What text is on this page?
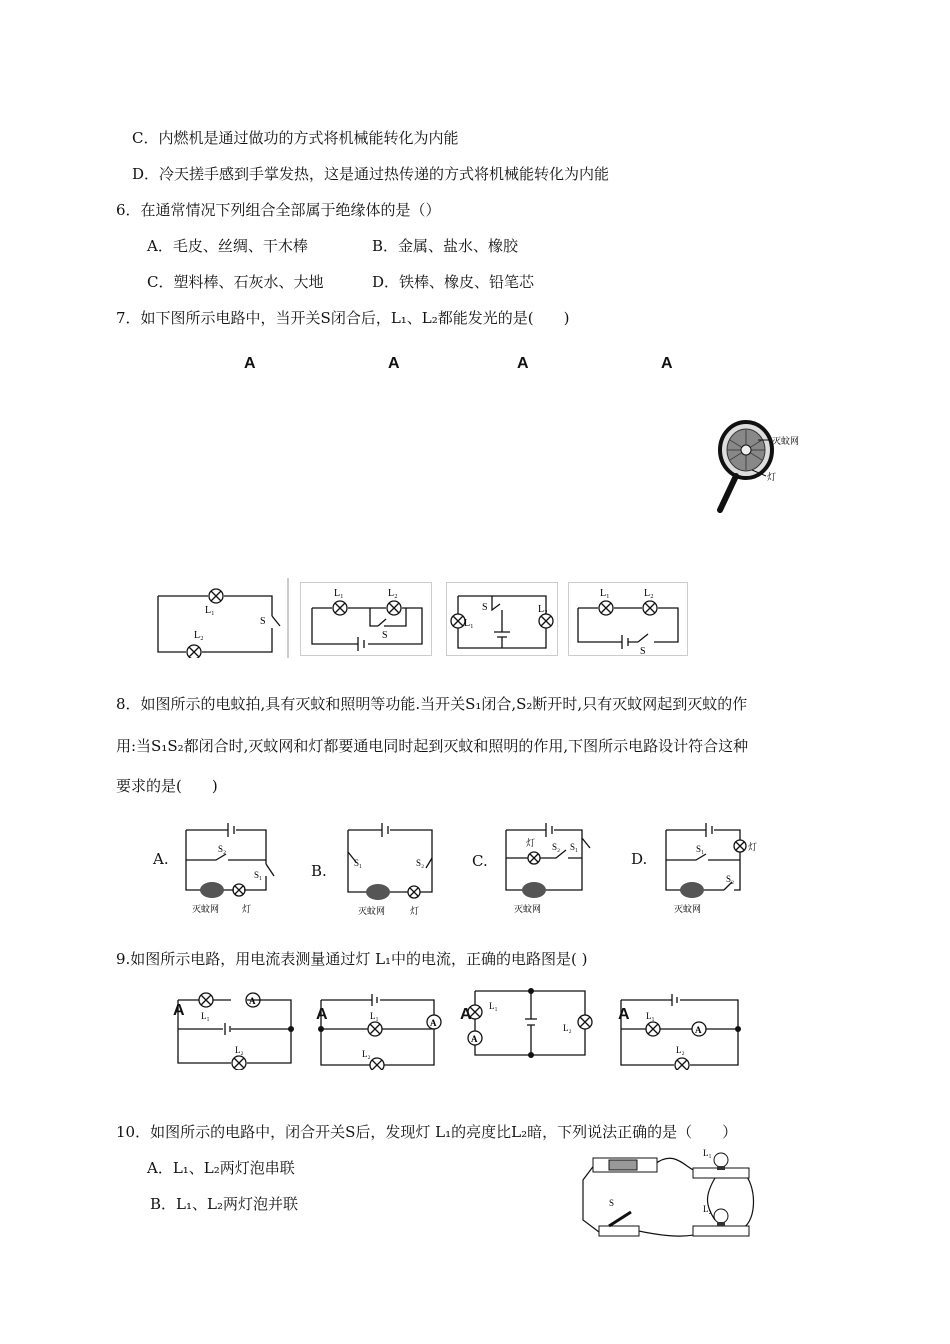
C．内燃机是通过做功的方式将机械能转化为内能
D．冷天搓手感到手掌发热，这是通过热传递的方式将机械能转化为内能
6．在通常情况下列组合全部属于绝缘体的是（）
A．毛皮、丝绸、干木棒	B．金属、盐水、橡胶
C．塑料棒、石灰水、大地	D．铁棒、橡皮、铅笔芯
7．如下图所示电路中，当开关S闭合后，L₁、L₂都能发光的是(　　)
A	A	A	A
灭蚊网
灯
L₁
L₂
S
L₁	L₂
S
L₁
S	L₂
L₁	L₂
S
8．如图所示的电蚊拍,具有灭蚊和照明等功能.当开关S₁闭合,S₂断开时,只有灭蚊网起到灭蚊的作
用:当S₁S₂都闭合时,灭蚊网和灯都要通电同时起到灭蚊和照明的作用,下图所示电路设计符合这种
要求的是(　　)
A.
B.
C.	D.
S₂
S₁
灭蚊网	灯
S₁	S₂
灭蚊网	灯
灯 S₂ S₁
灭蚊网
灯
S₁
S₂
灭蚊网
9.如图所示电路，用电流表测量通过灯 L₁中的电流，正确的电路图是( )
A	A	A	A
A
L₁
L₂
A
L₁
L₂
A
L₁
L₂	A
L₁
L₂
10．如图所示的电路中，闭合开关S后，发现灯 L₁的亮度比L₂暗，下列说法正确的是（　　）
A．L₁、L₂两灯泡串联
B．L₁、L₂两灯泡并联
L₁
L₂
S
